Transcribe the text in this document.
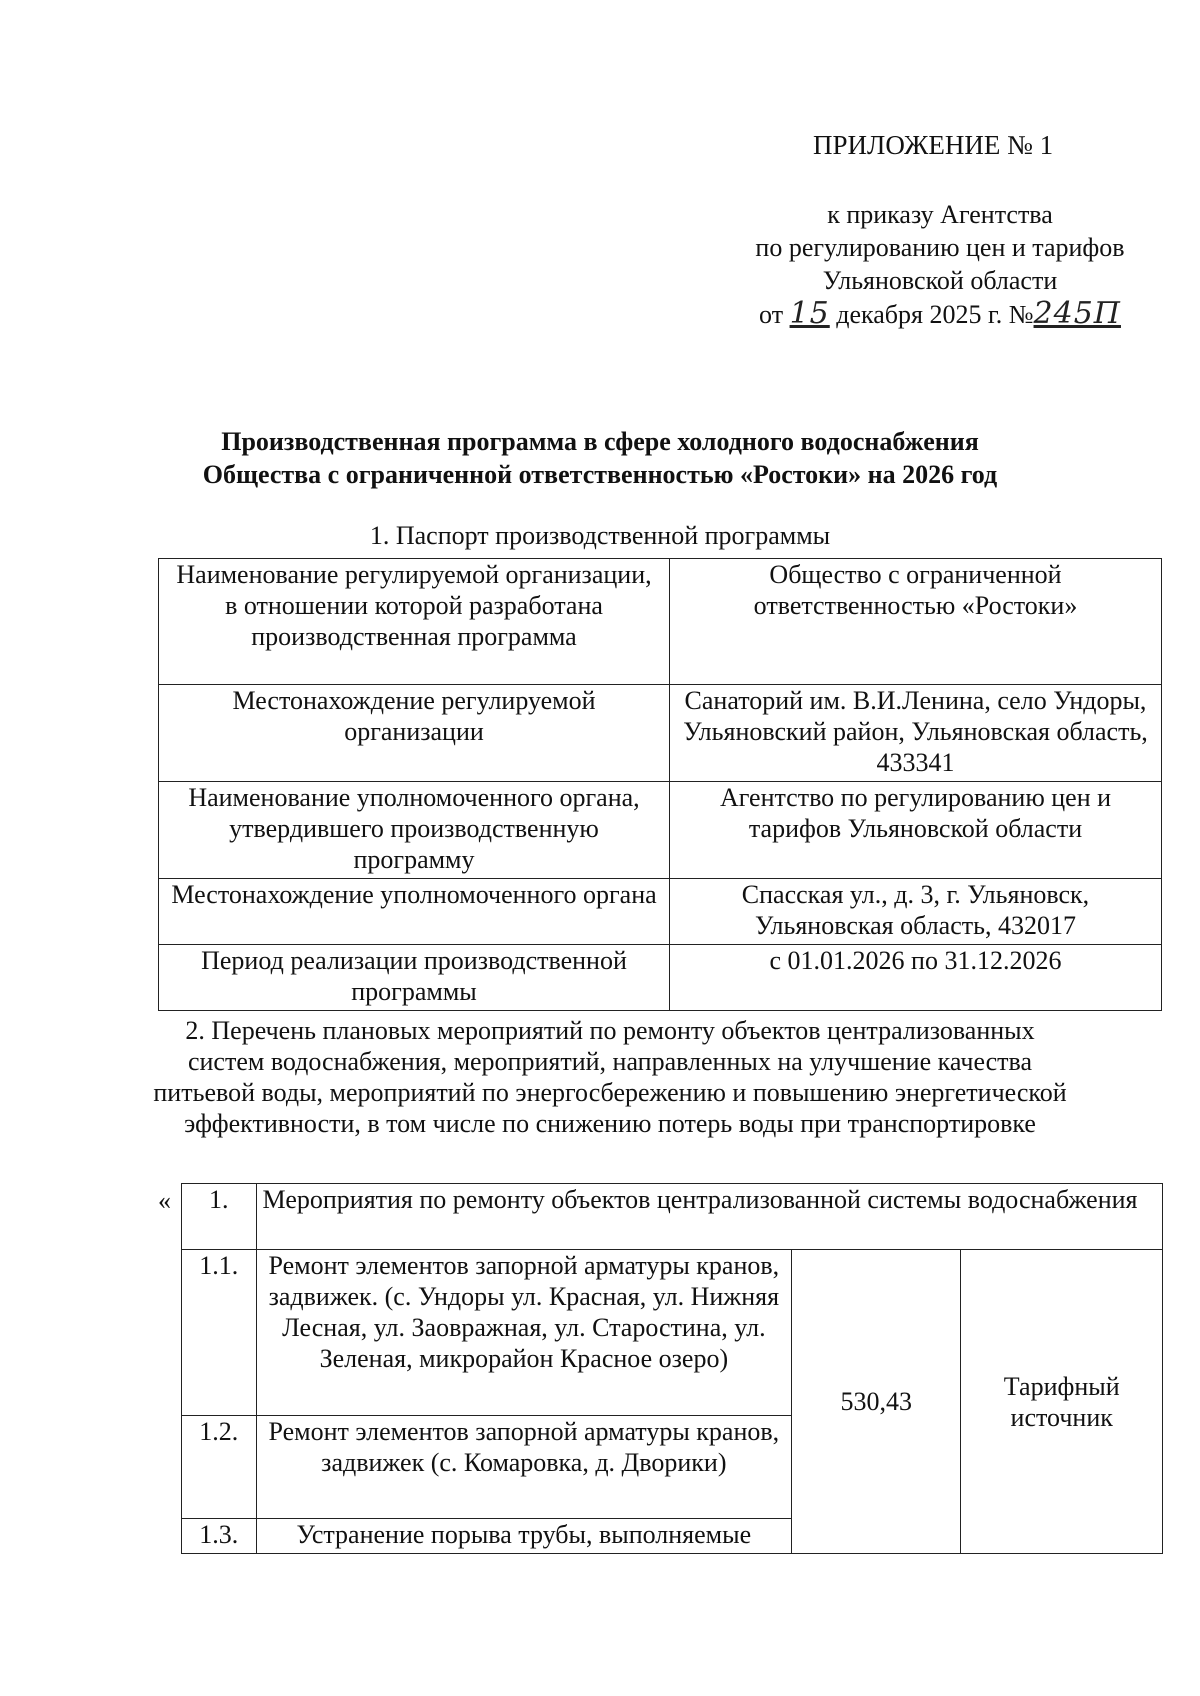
ПРИЛОЖЕНИЕ № 1
к приказу Агентства
по регулированию цен и тарифов
Ульяновской области
от 15 декабря 2025 г. №245П
Производственная программа в сфере холодного водоснабжения
Общества с ограниченной ответственностью «Ростоки» на 2026 год
1. Паспорт производственной программы
Наименование регулируемой организации, в отношении которой разработана производственная программа	Общество с ограниченной ответственностью «Ростоки»
Местонахождение регулируемой организации	Санаторий им. В.И.Ленина, село Ундоры, Ульяновский район, Ульяновская область, 433341
Наименование уполномоченного органа, утвердившего производственную программу	Агентство по регулированию цен и тарифов Ульяновской области
Местонахождение уполномоченного органа	Спасская ул., д. 3, г. Ульяновск, Ульяновская область, 432017
Период реализации производственной программы	с 01.01.2026 по 31.12.2026
2. Перечень плановых мероприятий по ремонту объектов централизованных систем водоснабжения, мероприятий, направленных на улучшение качества питьевой воды, мероприятий по энергосбережению и повышению энергетической эффективности, в том числе по снижению потерь воды при транспортировке
« 1.	Мероприятия по ремонту объектов централизованной системы водоснабжения		
1.1.	Ремонт элементов запорной арматуры кранов, задвижек. (с. Ундоры ул. Красная, ул. Нижняя Лесная, ул. Заовражная, ул. Старостина, ул. Зеленая, микрорайон Красное озеро)	530,43	Тарифный источник
1.2.	Ремонт элементов запорной арматуры кранов, задвижек (с. Комаровка, д. Дворики)		
1.3.	Устранение порыва трубы, выполняемые		
